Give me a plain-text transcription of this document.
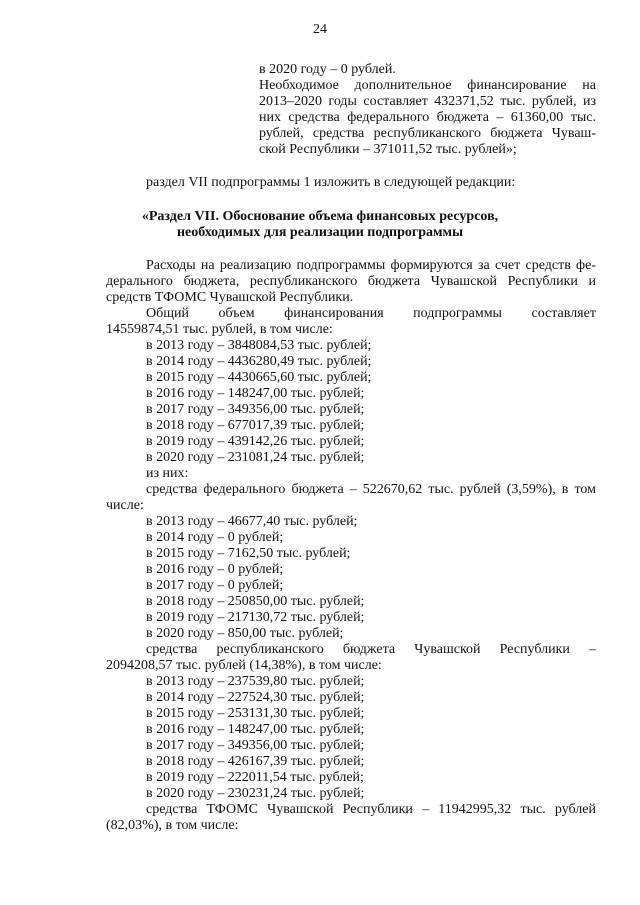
24
в 2020 году – 0 рублей.
Необходимое дополнительное финансирование на
2013–2020 годы составляет 432371,52 тыс. рублей, из
них средства федерального бюджета – 61360,00 тыс.
рублей, средства республиканского бюджета Чуваш-
ской Республики – 371011,52 тыс. рублей»;
раздел VII подпрограммы 1 изложить в следующей редакции:
«Раздел VII. Обоснование объема финансовых ресурсов,
необходимых для реализации подпрограммы
Расходы на реализацию подпрограммы формируются за счет средств фе-
дерального бюджета, республиканского бюджета Чувашской Республики и
средств ТФОМС Чувашской Республики.
Общий объем финансирования подпрограммы составляет
14559874,51 тыс. рублей, в том числе:
в 2013 году – 3848084,53 тыс. рублей;
в 2014 году – 4436280,49 тыс. рублей;
в 2015 году – 4430665,60 тыс. рублей;
в 2016 году – 148247,00 тыс. рублей;
в 2017 году – 349356,00 тыс. рублей;
в 2018 году – 677017,39 тыс. рублей;
в 2019 году – 439142,26 тыс. рублей;
в 2020 году – 231081,24 тыс. рублей;
из них:
средства федерального бюджета – 522670,62 тыс. рублей (3,59%), в том
числе:
в 2013 году – 46677,40 тыс. рублей;
в 2014 году – 0 рублей;
в 2015 году – 7162,50 тыс. рублей;
в 2016 году – 0 рублей;
в 2017 году – 0 рублей;
в 2018 году – 250850,00 тыс. рублей;
в 2019 году – 217130,72 тыс. рублей;
в 2020 году – 850,00 тыс. рублей;
средства республиканского бюджета Чувашской Республики –
2094208,57 тыс. рублей (14,38%), в том числе:
в 2013 году – 237539,80 тыс. рублей;
в 2014 году – 227524,30 тыс. рублей;
в 2015 году – 253131,30 тыс. рублей;
в 2016 году – 148247,00 тыс. рублей;
в 2017 году – 349356,00 тыс. рублей;
в 2018 году – 426167,39 тыс. рублей;
в 2019 году – 222011,54 тыс. рублей;
в 2020 году – 230231,24 тыс. рублей;
средства ТФОМС Чувашской Республики – 11942995,32 тыс. рублей
(82,03%), в том числе:
